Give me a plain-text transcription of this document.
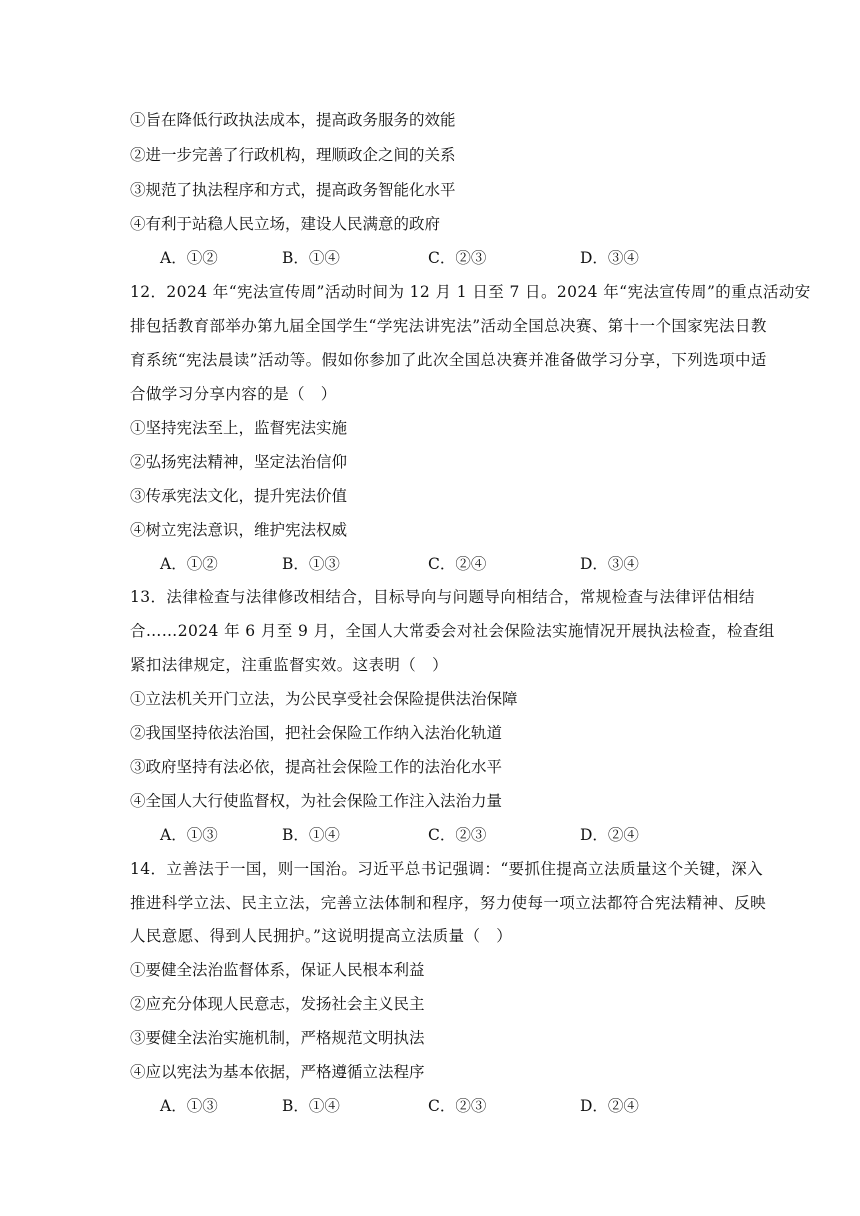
①旨在降低行政执法成本，提高政务服务的效能
②进一步完善了行政机构，理顺政企之间的关系
③规范了执法程序和方式，提高政务智能化水平
④有利于站稳人民立场，建设人民满意的政府
A．①②	B．①④	C．②③	D．③④
12．2024 年“宪法宣传周”活动时间为 12 月 1 日至 7 日。2024 年“宪法宣传周”的重点活动安
排包括教育部举办第九届全国学生“学宪法讲宪法”活动全国总决赛、第十一个国家宪法日教
育系统“宪法晨读”活动等。假如你参加了此次全国总决赛并准备做学习分享，下列选项中适
合做学习分享内容的是（　）
①坚持宪法至上，监督宪法实施
②弘扬宪法精神，坚定法治信仰
③传承宪法文化，提升宪法价值
④树立宪法意识，维护宪法权威
A．①②	B．①③	C．②④	D．③④
13．法律检查与法律修改相结合，目标导向与问题导向相结合，常规检查与法律评估相结
合……2024 年 6 月至 9 月，全国人大常委会对社会保险法实施情况开展执法检查，检查组
紧扣法律规定，注重监督实效。这表明（　）
①立法机关开门立法，为公民享受社会保险提供法治保障
②我国坚持依法治国，把社会保险工作纳入法治化轨道
③政府坚持有法必依，提高社会保险工作的法治化水平
④全国人大行使监督权，为社会保险工作注入法治力量
A．①③	B．①④	C．②③	D．②④
14．立善法于一国，则一国治。习近平总书记强调：“要抓住提高立法质量这个关键，深入
推进科学立法、民主立法，完善立法体制和程序，努力使每一项立法都符合宪法精神、反映
人民意愿、得到人民拥护。”这说明提高立法质量（　）
①要健全法治监督体系，保证人民根本利益
②应充分体现人民意志，发扬社会主义民主
③要健全法治实施机制，严格规范文明执法
④应以宪法为基本依据，严格遵循立法程序
A．①③	B．①④	C．②③	D．②④
